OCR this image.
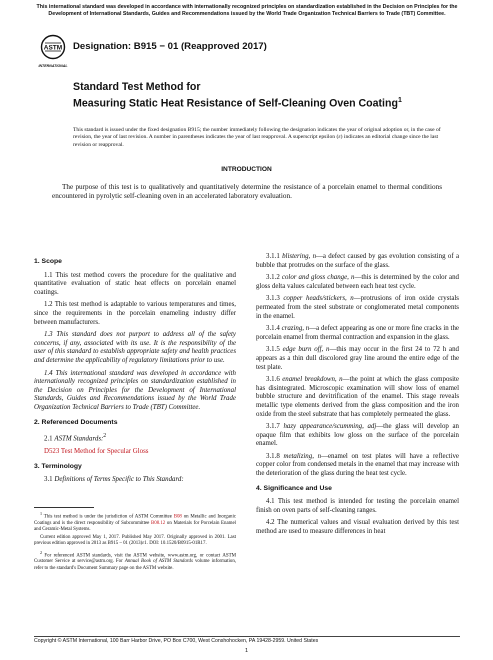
This international standard was developed in accordance with internationally recognized principles on standardization established in the Decision on Principles for the Development of International Standards, Guides and Recommendations issued by the World Trade Organization Technical Barriers to Trade (TBT) Committee.
ASTM
INTERNATIONAL
Designation: B915 − 01 (Reapproved 2017)
Standard Test Method for
Measuring Static Heat Resistance of Self-Cleaning Oven Coating$^1$
This standard is issued under the fixed designation B915; the number immediately following the designation indicates the year of original adoption or, in the case of revision, the year of last revision. A number in parentheses indicates the year of last reapproval. A superscript epsilon (ε) indicates an editorial change since the last revision or reapproval.
INTRODUCTION
The purpose of this test is to qualitatively and quantitatively determine the resistance of a porcelain enamel to thermal conditions encountered in pyrolytic self-cleaning oven in an accelerated laboratory evaluation.

1. Scope

1.1 This test method covers the procedure for the qualitative and quantitative evaluation of static heat effects on porcelain enamel coatings.

1.2 This test method is adaptable to various temperatures and times, since the requirements in the porcelain enameling industry differ between manufacturers.

1.3 This standard does not purport to address all of the safety concerns, if any, associated with its use. It is the responsibility of the user of this standard to establish appropriate safety and health practices and determine the applicability of regulatory limitations prior to use.

1.4 This international standard was developed in accordance with internationally recognized principles on standardization established in the Decision on Principles for the Development of International Standards, Guides and Recommendations issued by the World Trade Organization Technical Barriers to Trade (TBT) Committee.

2. Referenced Documents

2.1 ASTM Standards:$^2$

D523 Test Method for Specular Gloss

3. Terminology

3.1 Definitions of Terms Specific to This Standard:

3.1.1 blistering, n—a defect caused by gas evolution consisting of a bubble that protrudes on the surface of the glass.

3.1.2 color and gloss change, n—this is determined by the color and gloss delta values calculated between each heat test cycle.

3.1.3 copper heads/stickers, n—protrusions of iron oxide crystals permeated from the steel substrate or conglomerated metal components in the enamel.

3.1.4 crazing, n—a defect appearing as one or more fine cracks in the porcelain enamel from thermal contraction and expansion in the glass.

3.1.5 edge burn off, n—this may occur in the first 24 to 72 h and appears as a thin dull discolored gray line around the entire edge of the test plate.

3.1.6 enamel breakdown, n—the point at which the glass composite has disintegrated. Microscopic examination will show loss of enamel bubble structure and devitrification of the enamel. This stage reveals metallic type elements derived from the glass composition and the iron oxide from the steel substrate that has completely permeated the glass.

3.1.7 hazy appearance/scumming, adj—the glass will develop an opaque film that exhibits low gloss on the surface of the porcelain enamel.

3.1.8 metalizing, n—enamel on test plates will have a reflective copper color from condensed metals in the enamel that may increase with the deterioration of the glass during the heat test cycle.

4. Significance and Use

4.1 This test method is intended for testing the porcelain enamel finish on oven parts of self-cleaning ranges.

4.2 The numerical values and visual evaluation derived by this test method are used to measure differences in heat

$^1$ This test method is under the jurisdiction of ASTM Committee B08 on Metallic and Inorganic Coatings and is the direct responsibility of Subcommittee B08.12 on Materials for Porcelain Enamel and Ceramic-Metal Systems.

Current edition approved May 1, 2017. Published May 2017. Originally approved in 2001. Last previous edition approved in 2013 as B915 – 01 (2013)ε1. DOI: 10.1520/B0915-01R17.

$^2$ For referenced ASTM standards, visit the ASTM website, www.astm.org, or contact ASTM Customer Service at service@astm.org. For Annual Book of ASTM Standards volume information, refer to the standard's Document Summary page on the ASTM website.

Copyright © ASTM International, 100 Barr Harbor Drive, PO Box C700, West Conshohocken, PA 19428-2959. United States
1
